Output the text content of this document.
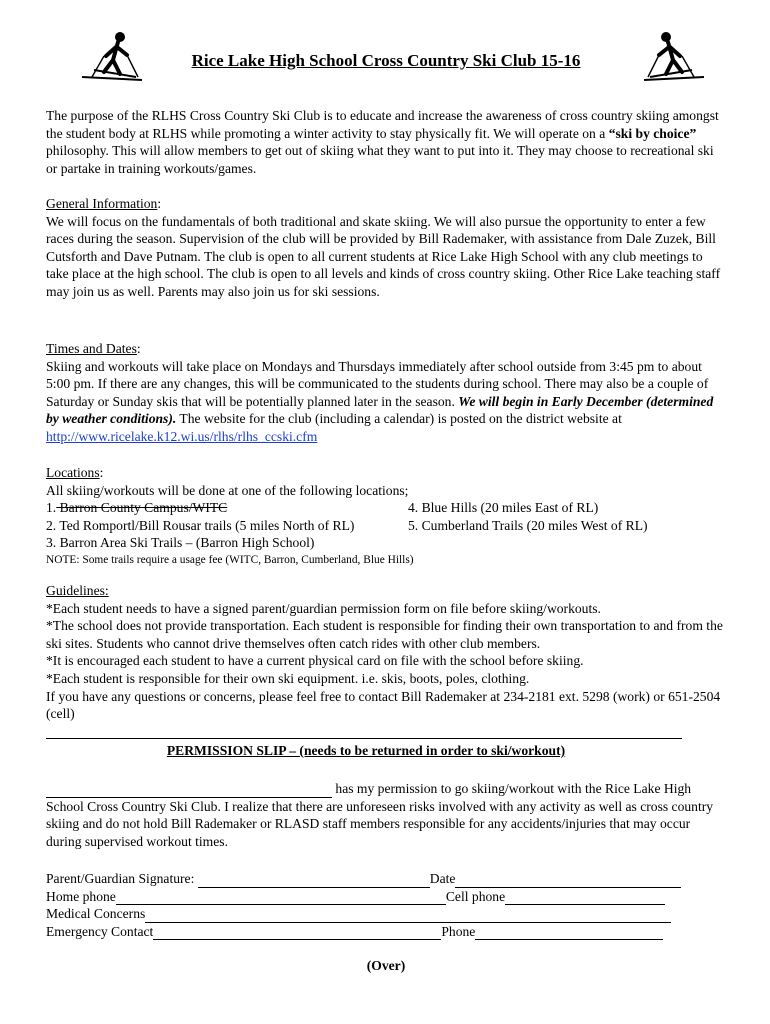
Rice Lake High School Cross Country Ski Club 15-16

The purpose of the RLHS Cross Country Ski Club is to educate and increase the awareness of cross country skiing amongst the student body at RLHS while promoting a winter activity to stay physically fit. We will operate on a “ski by choice” philosophy. This will allow members to get out of skiing what they want to put into it. They may choose to recreational ski or partake in training workouts/games.

General Information:

We will focus on the fundamentals of both traditional and skate skiing. We will also pursue the opportunity to enter a few races during the season. Supervision of the club will be provided by Bill Rademaker, with assistance from Dale Zuzek, Bill Cutsforth and Dave Putnam. The club is open to all current students at Rice Lake High School with any club meetings to take place at the high school. The club is open to all levels and kinds of cross country skiing. Other Rice Lake teaching staff may join us as well. Parents may also join us for ski sessions.

Times and Dates:

Skiing and workouts will take place on Mondays and Thursdays immediately after school outside from 3:45 pm to about 5:00 pm. If there are any changes, this will be communicated to the students during school. There may also be a couple of Saturday or Sunday skis that will be potentially planned later in the season. We will begin in Early December (determined by weather conditions). The website for the club (including a calendar) is posted on the district website at http://www.ricelake.k12.wi.us/rlhs/rlhs_ccski.cfm

Locations:

All skiing/workouts will be done at one of the following locations;

1. Barron County Campus/WITC	4. Blue Hills (20 miles East of RL)
2. Ted Romportl/Bill Rousar trails (5 miles North of RL)	5. Cumberland Trails (20 miles West of RL)
3. Barron Area Ski Trails – (Barron High School)

NOTE: Some trails require a usage fee (WITC, Barron, Cumberland, Blue Hills)

Guidelines:

*Each student needs to have a signed parent/guardian permission form on file before skiing/workouts.

*The school does not provide transportation. Each student is responsible for finding their own transportation to and from the ski sites. Students who cannot drive themselves often catch rides with other club members.

*It is encouraged each student to have a current physical card on file with the school before skiing.

*Each student is responsible for their own ski equipment. i.e. skis, boots, poles, clothing.

If you have any questions or concerns, please feel free to contact Bill Rademaker at 234-2181 ext. 5298 (work) or 651-2504 (cell)

PERMISSION SLIP – (needs to be returned in order to ski/workout)

has my permission to go skiing/workout with the Rice Lake High School Cross Country Ski Club. I realize that there are unforeseen risks involved with any activity as well as cross country skiing and do not hold Bill Rademaker or RLASD staff members responsible for any accidents/injuries that may occur during supervised workout times.

Parent/Guardian Signature:	Date

Home phone	Cell phone

Medical Concerns

Emergency Contact	Phone

(Over)
